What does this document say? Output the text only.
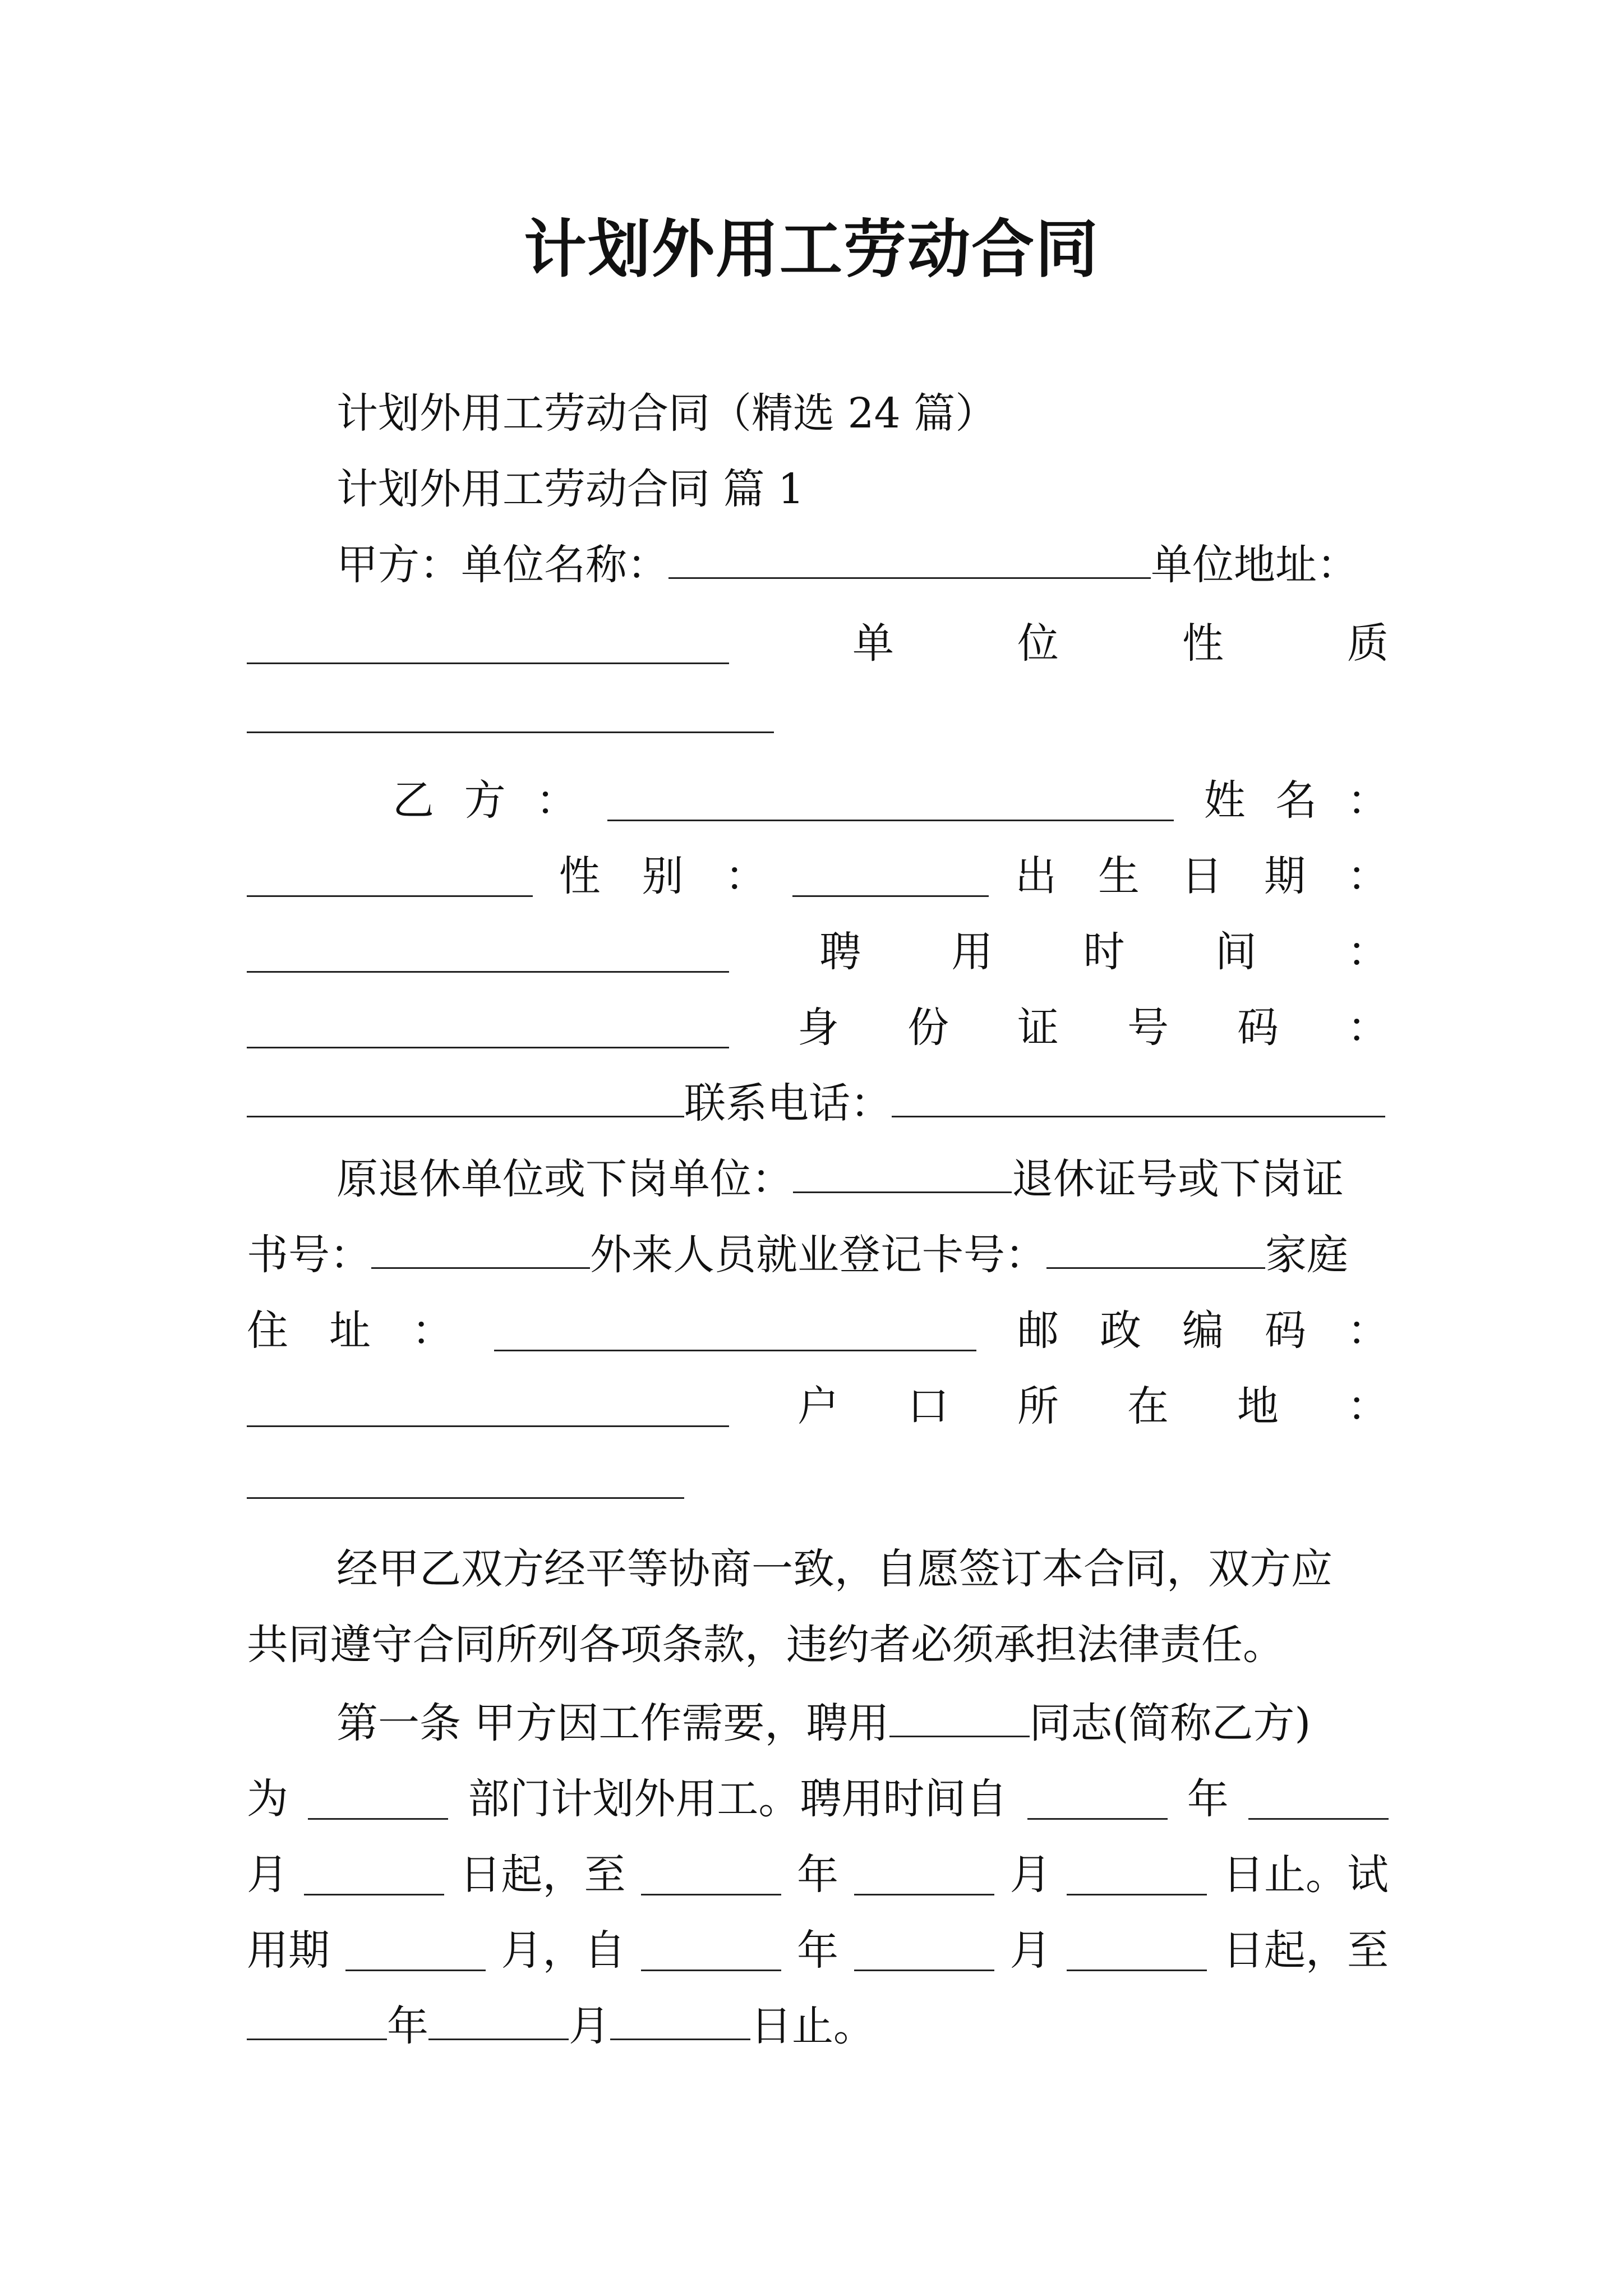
计划外用工劳动合同
计划外用工劳动合同（精选 24 篇）
计划外用工劳动合同 篇 1
甲方：单位名称：	单位地址：
单	位	性	质
乙 方 ：	姓 名 ：
性　别　：	出　生　日　期　：
聘 用 时 间 ：
身 份 证 号 码 ：
联系电话：
原退休单位或下岗单位：	退休证号或下岗证
书号：	外来人员就业登记卡号：	家庭
住 址 ：	邮 政 编 码 ：
户 口 所 在 地 ：
经甲乙双方经平等协商一致，自愿签订本合同，双方应
共同遵守合同所列各项条款，违约者必须承担法律责任。
第一条 甲方因工作需要，聘用	同志(简称乙方)
为	部门计划外用工。聘用时间自	年
月	日起，至	年	月	日止。试
用期	月，自	年	月	日起，至
年	月	日止。
